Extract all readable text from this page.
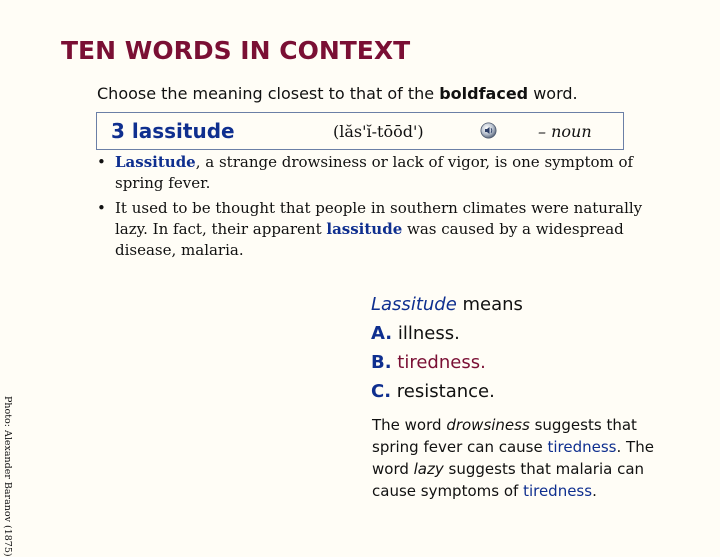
TEN WORDS IN CONTEXT
Choose the meaning closest to that of the boldfaced word.
3 lassitude	(lăs'ĭ-tōōd')	– noun
• Lassitude, a strange drowsiness or lack of vigor, is one symptom of spring fever.
• It used to be thought that people in southern climates were naturally lazy. In fact, their apparent lassitude was caused by a widespread disease, malaria.
Lassitude means
A. illness.
B. tiredness.
C. resistance.
The word drowsiness suggests that spring fever can cause tiredness. The word lazy suggests that malaria can cause symptoms of tiredness.
Photo: Alexander Baranov (1875)
